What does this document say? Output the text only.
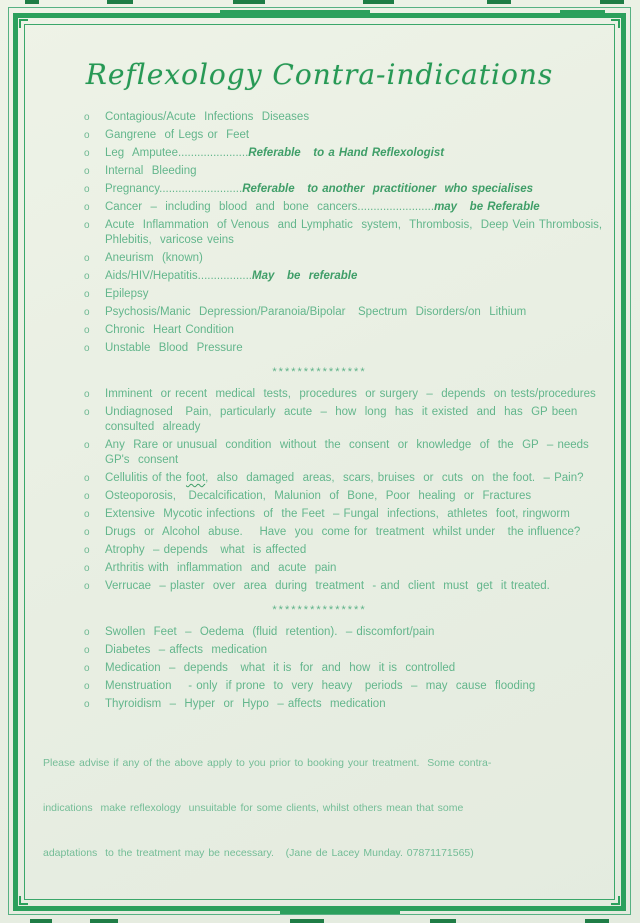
Reflexology Contra-indications
o	Contagious/Acute  Infections  Diseases
o	Gangrene  of Legs or  Feet
o	Leg  Amputee......................Referable   to a Hand Reflexologist
o	Internal  Bleeding
o	Pregnancy..........................Referable   to another  practitioner  who specialises
o	Cancer  –  including  blood  and  bone  cancers........................may   be Referable
o	Acute  Inflammation  of Venous  and Lymphatic  system,  Thrombosis,  Deep Vein Thrombosis,  Phlebitis,  varicose veins
o	Aneurism  (known)
o	Aids/HIV/Hepatitis.................May   be  referable
o	Epilepsy
o	Psychosis/Manic  Depression/Paranoia/Bipolar   Spectrum  Disorders/on  Lithium
o	Chronic  Heart Condition
o	Unstable  Blood  Pressure
***************
o	Imminent  or recent  medical  tests,  procedures  or surgery  –  depends  on tests/procedures
o	Undiagnosed   Pain,  particularly  acute  –  how  long  has  it existed  and  has  GP been  consulted  already
o	Any  Rare or unusual  condition  without  the  consent  or  knowledge  of  the  GP  – needs  GP's  consent
o	Cellulitis of the foot,  also  damaged  areas,  scars, bruises  or  cuts  on  the foot.  – Pain?
o	Osteoporosis,   Decalcification,  Malunion  of  Bone,  Poor  healing  or  Fractures
o	Extensive  Mycotic infections  of  the Feet  – Fungal  infections,  athletes  foot, ringworm
o	Drugs  or  Alcohol  abuse.    Have  you  come for  treatment  whilst under   the influence?
o	Atrophy  – depends   what  is affected
o	Arthritis with  inflammation  and  acute  pain
o	Verrucae  – plaster  over  area  during  treatment  - and  client  must  get  it treated.
***************
o	Swollen  Feet  –  Oedema  (fluid  retention).  – discomfort/pain
o	Diabetes  – affects  medication
o	Medication  –  depends   what  it is  for  and  how  it is  controlled
o	Menstruation    - only  if prone  to  very  heavy   periods  –  may  cause  flooding
o	Thyroidism  –  Hyper  or  Hypo  – affects  medication

Please advise if any of the above apply to you prior to booking your treatment.  Some contra-

indications  make reflexology  unsuitable for some clients, whilst others mean that some

adaptations  to the treatment may be necessary.   (Jane de Lacey Munday. 07871171565)
